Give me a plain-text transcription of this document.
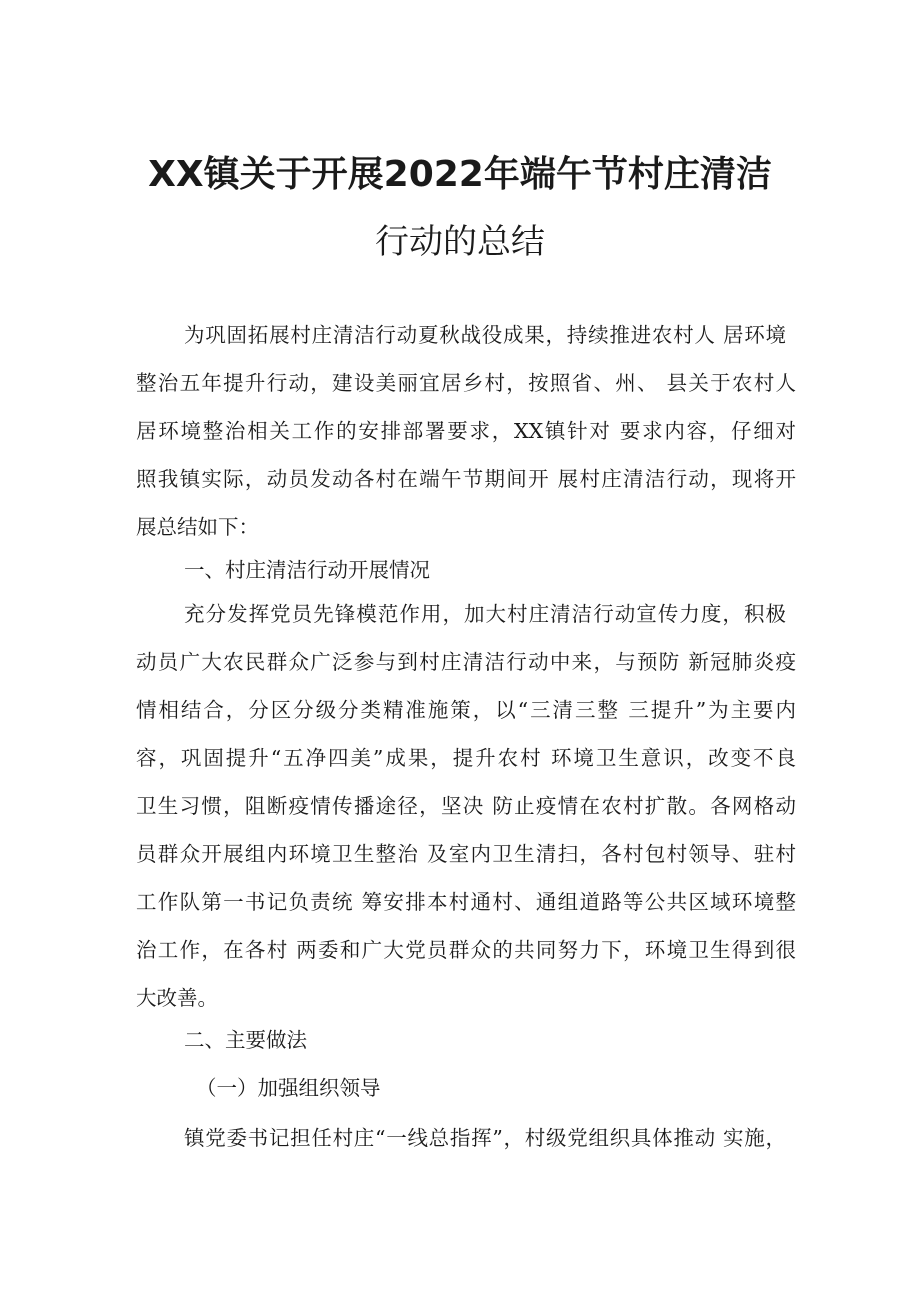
XX镇关于开展2022年端午节村庄清洁
行动的总结

为巩固拓展村庄清洁行动夏秋战役成果，持续推进农村人 居环境

整治五年提升行动，建设美丽宜居乡村，按照省、州、 县关于农村人

居环境整治相关工作的安排部署要求，XX镇针对 要求内容，仔细对

照我镇实际，动员发动各村在端午节期间开 展村庄清洁行动，现将开

展总结如下：

一、村庄清洁行动开展情况

充分发挥党员先锋模范作用，加大村庄清洁行动宣传力度，积极

动员广大农民群众广泛参与到村庄清洁行动中来，与预防 新冠肺炎疫

情相结合，分区分级分类精准施策，以“三清三整 三提升”为主要内

容，巩固提升“五净四美”成果，提升农村 环境卫生意识，改变不良

卫生习惯，阻断疫情传播途径，坚决 防止疫情在农村扩散。各网格动

员群众开展组内环境卫生整治 及室内卫生清扫，各村包村领导、驻村

工作队第一书记负责统 筹安排本村通村、通组道路等公共区域环境整

治工作，在各村 两委和广大党员群众的共同努力下，环境卫生得到很

大改善。

二、主要做法

（一）加强组织领导

镇党委书记担任村庄“一线总指挥”，村级党组织具体推动 实施，
